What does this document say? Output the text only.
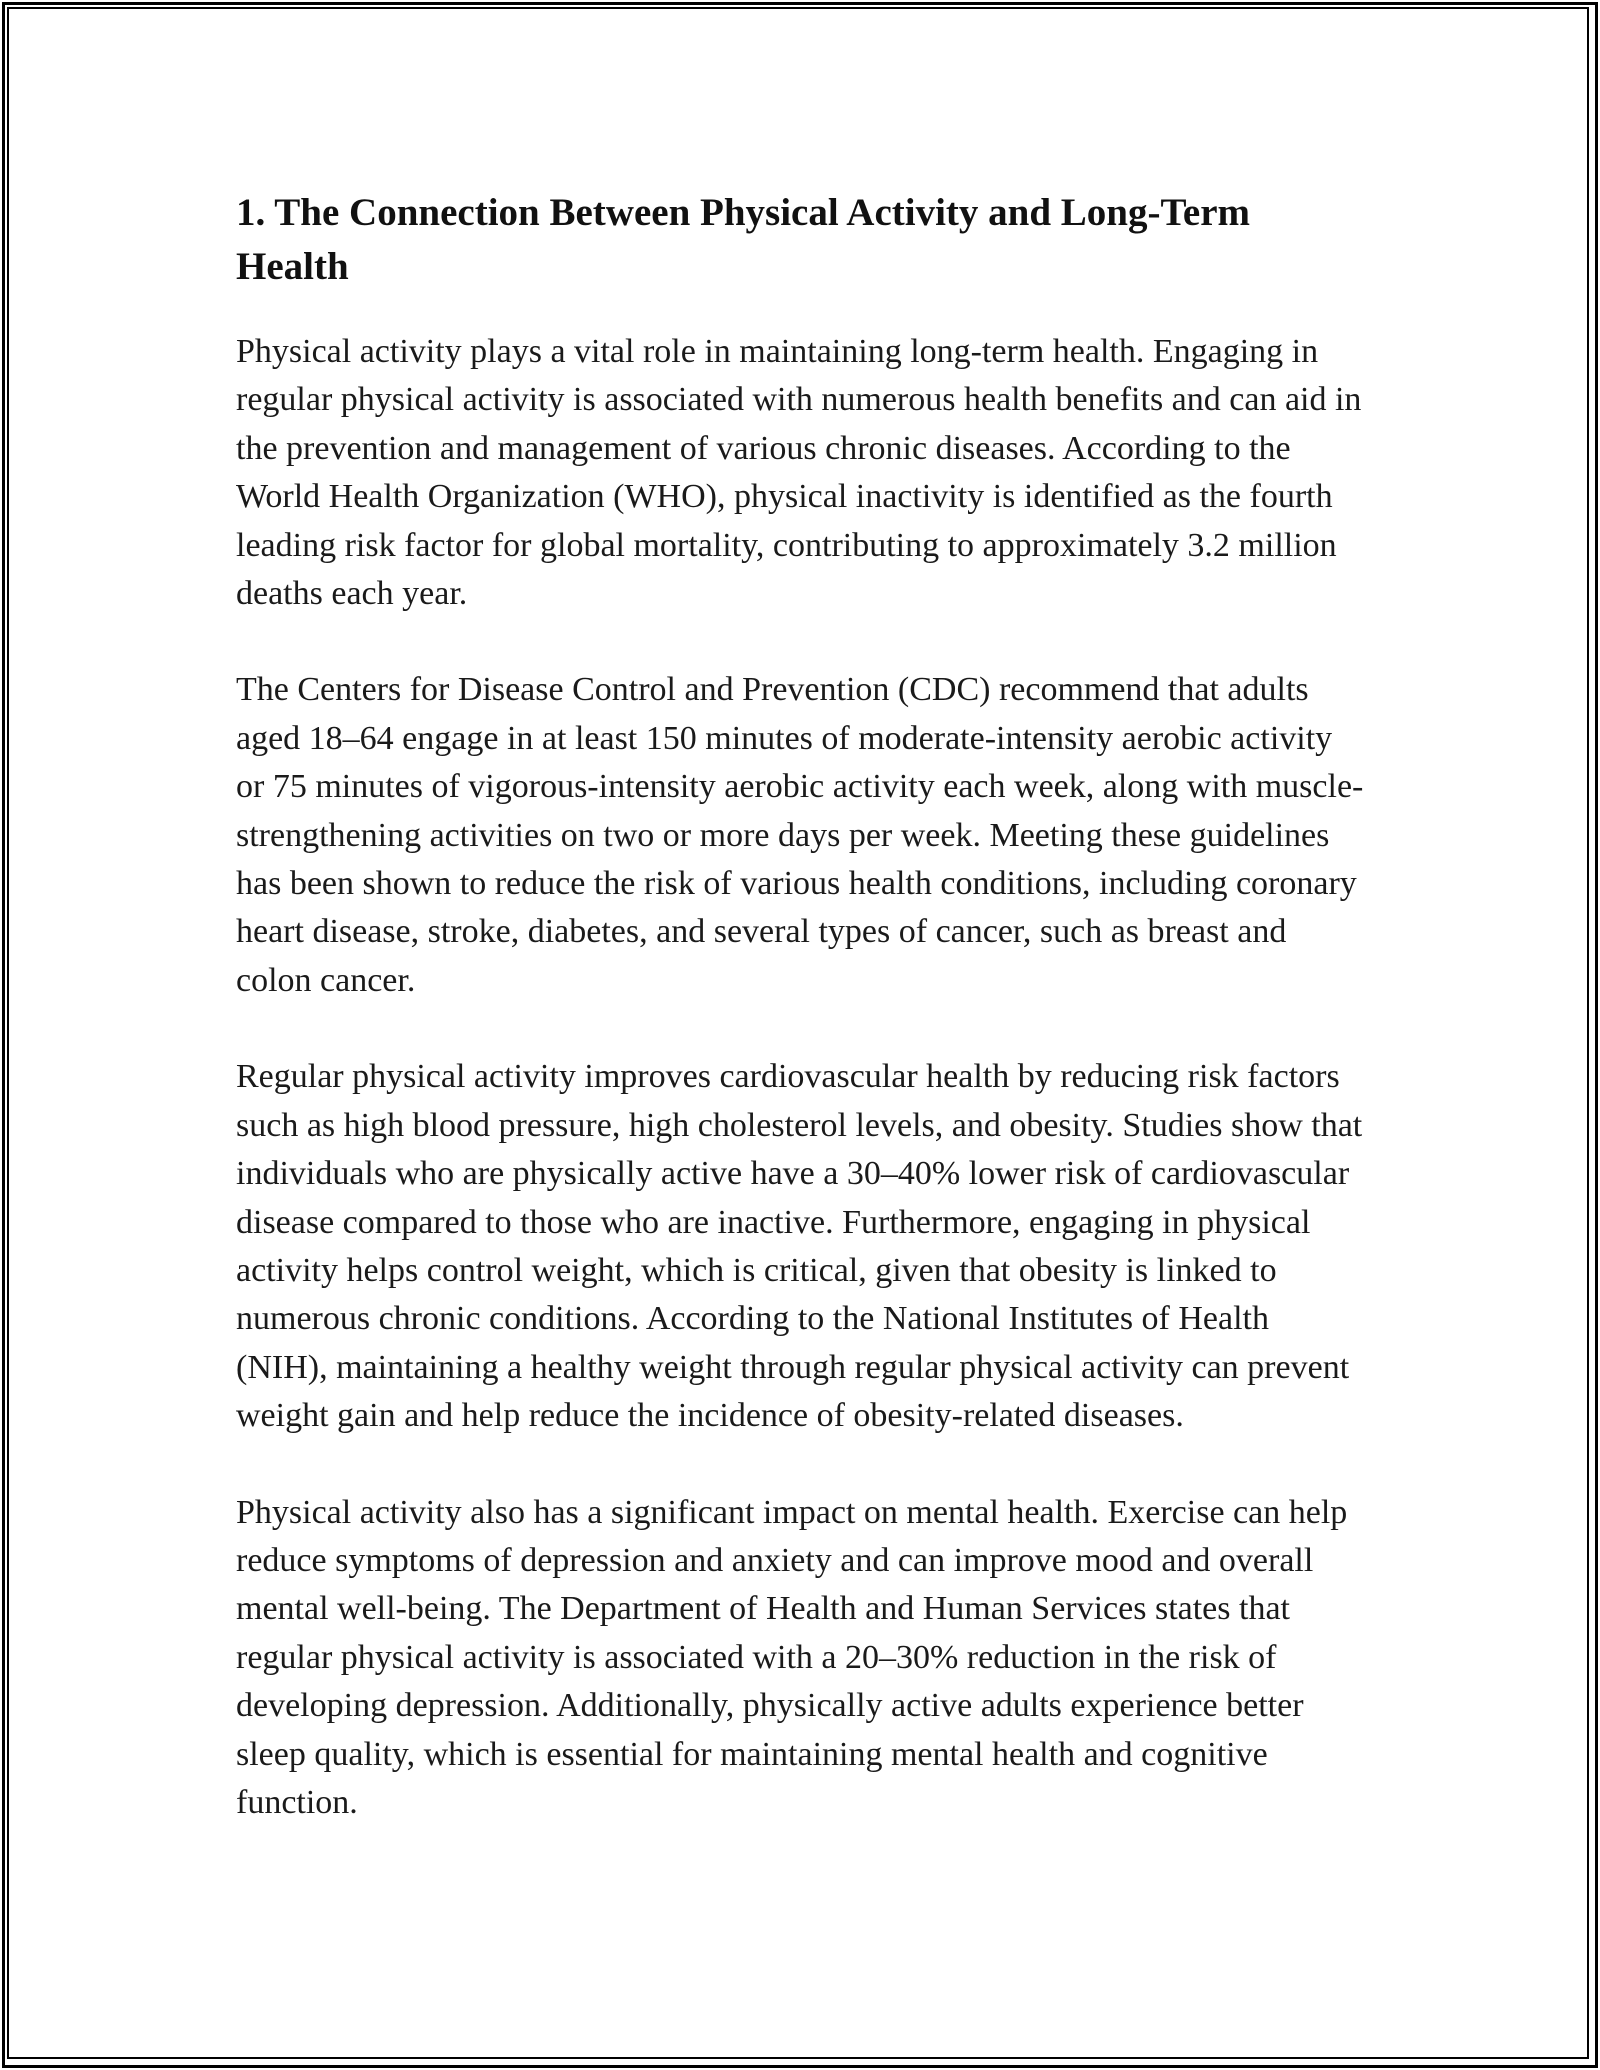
1. The Connection Between Physical Activity and Long-Term Health

Physical activity plays a vital role in maintaining long-term health. Engaging in regular physical activity is associated with numerous health benefits and can aid in the prevention and management of various chronic diseases. According to the World Health Organization (WHO), physical inactivity is identified as the fourth leading risk factor for global mortality, contributing to approximately 3.2 million deaths each year.

The Centers for Disease Control and Prevention (CDC) recommend that adults aged 18–64 engage in at least 150 minutes of moderate-intensity aerobic activity or 75 minutes of vigorous-intensity aerobic activity each week, along with muscle-strengthening activities on two or more days per week. Meeting these guidelines has been shown to reduce the risk of various health conditions, including coronary heart disease, stroke, diabetes, and several types of cancer, such as breast and colon cancer.

Regular physical activity improves cardiovascular health by reducing risk factors such as high blood pressure, high cholesterol levels, and obesity. Studies show that individuals who are physically active have a 30–40% lower risk of cardiovascular disease compared to those who are inactive. Furthermore, engaging in physical activity helps control weight, which is critical, given that obesity is linked to numerous chronic conditions. According to the National Institutes of Health (NIH), maintaining a healthy weight through regular physical activity can prevent weight gain and help reduce the incidence of obesity-related diseases.

Physical activity also has a significant impact on mental health. Exercise can help reduce symptoms of depression and anxiety and can improve mood and overall mental well-being. The Department of Health and Human Services states that regular physical activity is associated with a 20–30% reduction in the risk of developing depression. Additionally, physically active adults experience better sleep quality, which is essential for maintaining mental health and cognitive function.
